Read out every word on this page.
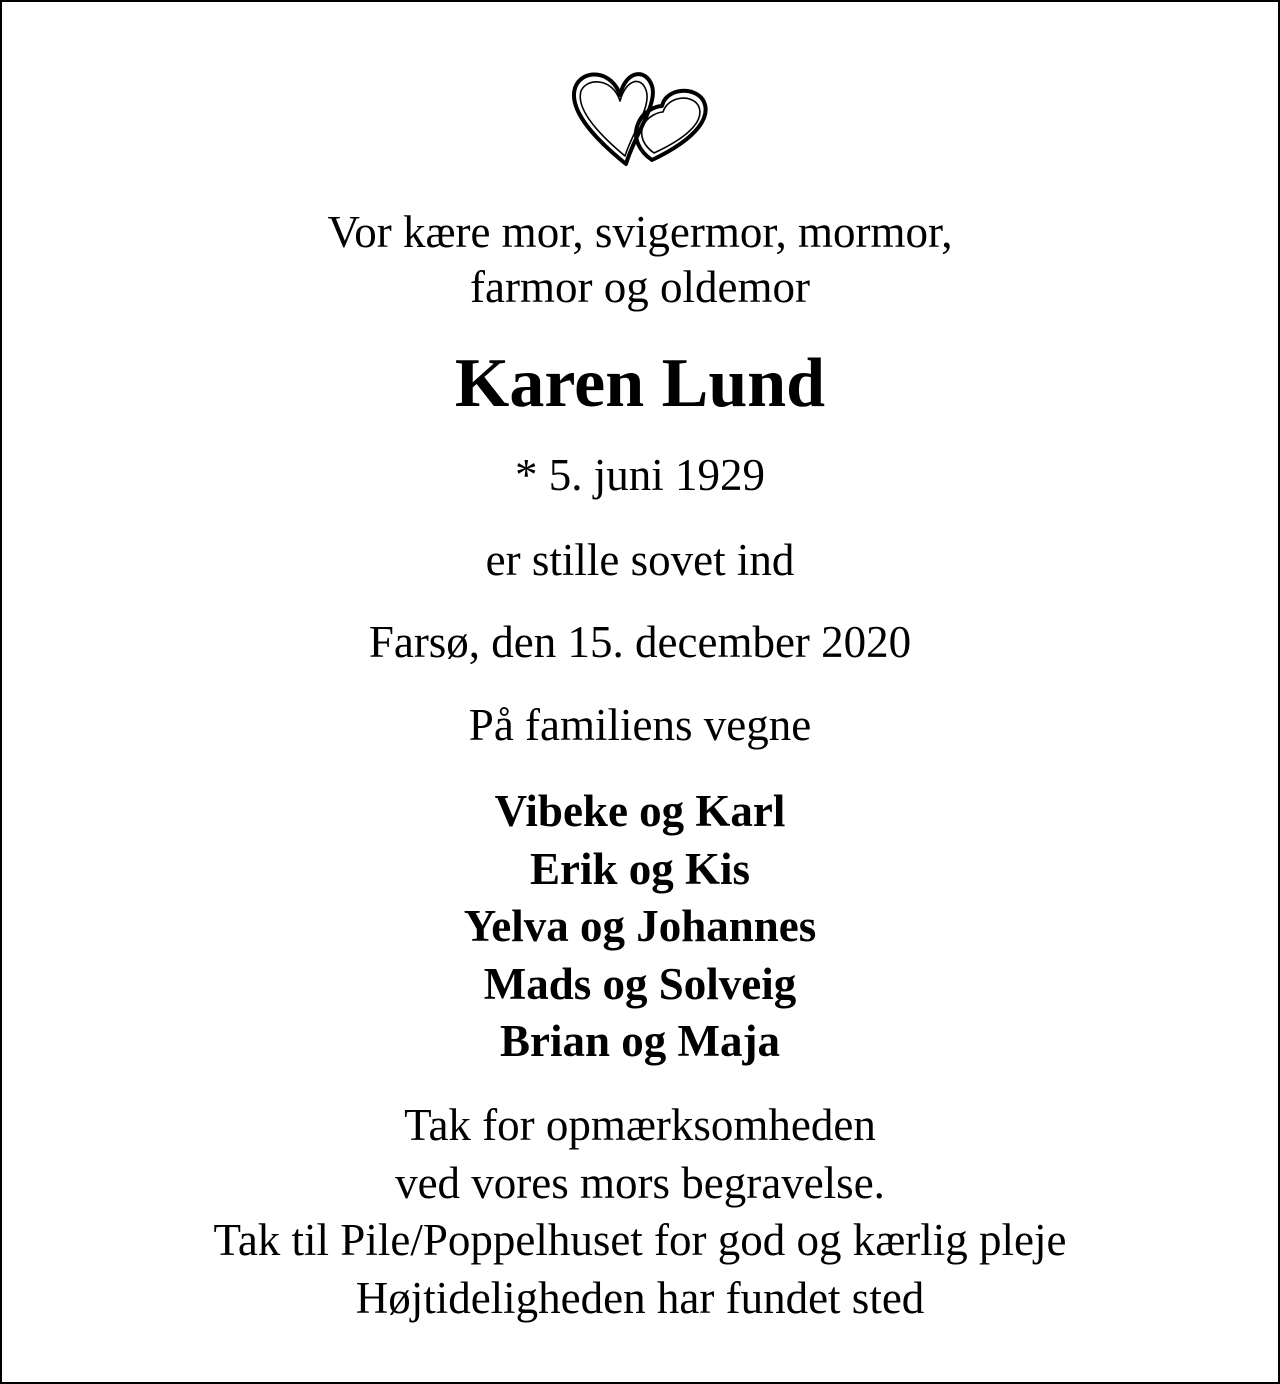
Vor kære mor, svigermor, mormor,
farmor og oldemor

Karen Lund

* 5. juni 1929

er stille sovet ind

Farsø, den 15. december 2020

På familiens vegne

Vibeke og Karl
Erik og Kis
Yelva og Johannes
Mads og Solveig
Brian og Maja

Tak for opmærksomheden
ved vores mors begravelse.
Tak til Pile/Poppelhuset for god og kærlig pleje
Højtideligheden har fundet sted
